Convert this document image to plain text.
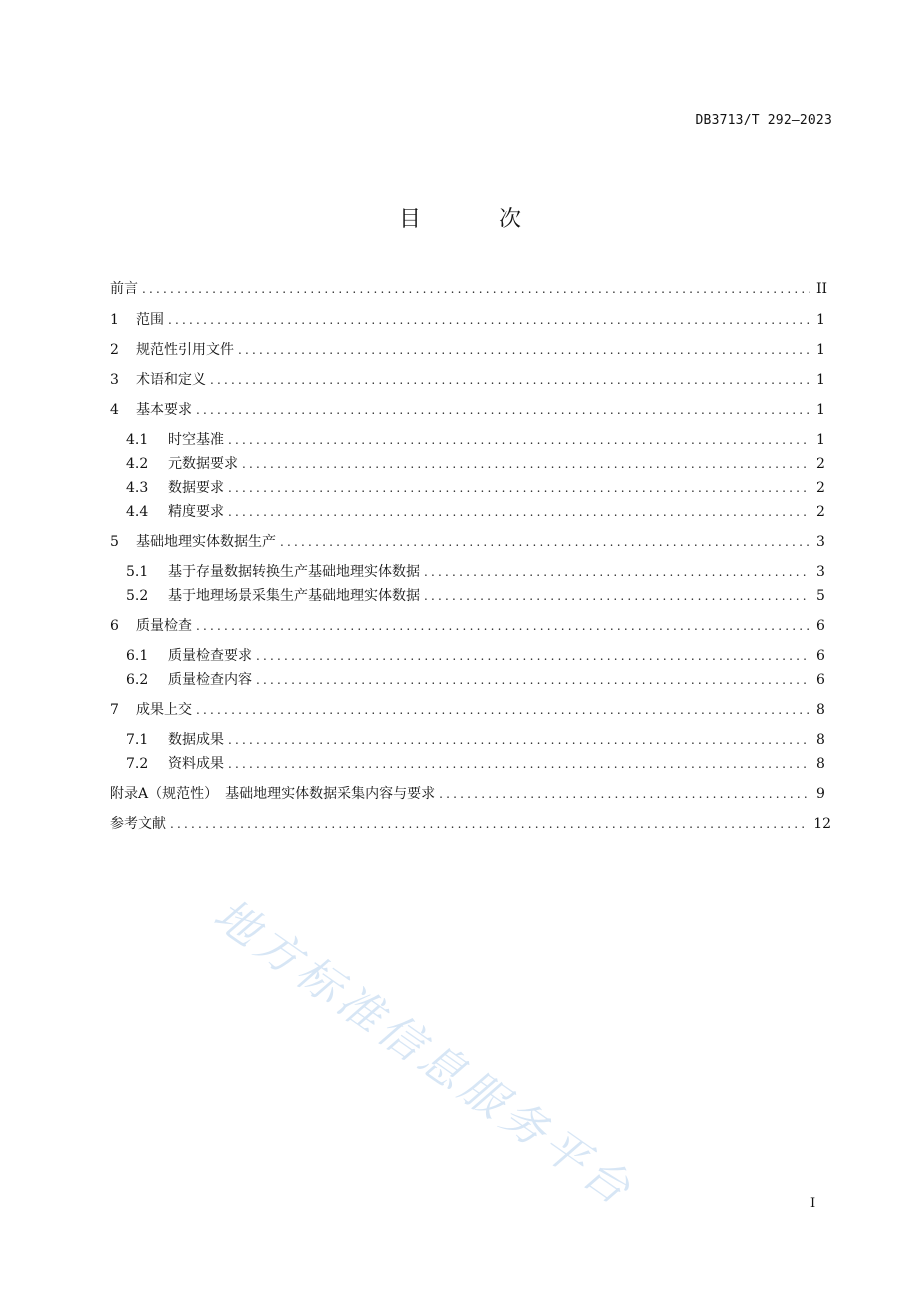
DB3713/T 292—2023
目　次
前言 .....	II
1	范围 .....	1
2	规范性引用文件 .....	1
3	术语和定义 .....	1
4	基本要求 .....	1
4.1	时空基准 .....	1
4.2	元数据要求 .....	2
4.3	数据要求 .....	2
4.4	精度要求 .....	2
5	基础地理实体数据生产 .....	3
5.1	基于存量数据转换生产基础地理实体数据 .....	3
5.2	基于地理场景采集生产基础地理实体数据 .....	5
6	质量检查 .....	6
6.1	质量检查要求 .....	6
6.2	质量检查内容 .....	6
7	成果上交 .....	8
7.1	数据成果 .....	8
7.2	资料成果 .....	8
附录A（规范性）　基础地理实体数据采集内容与要求 .....	9
参考文献 .....	12
I
地方标准信息服务平台
